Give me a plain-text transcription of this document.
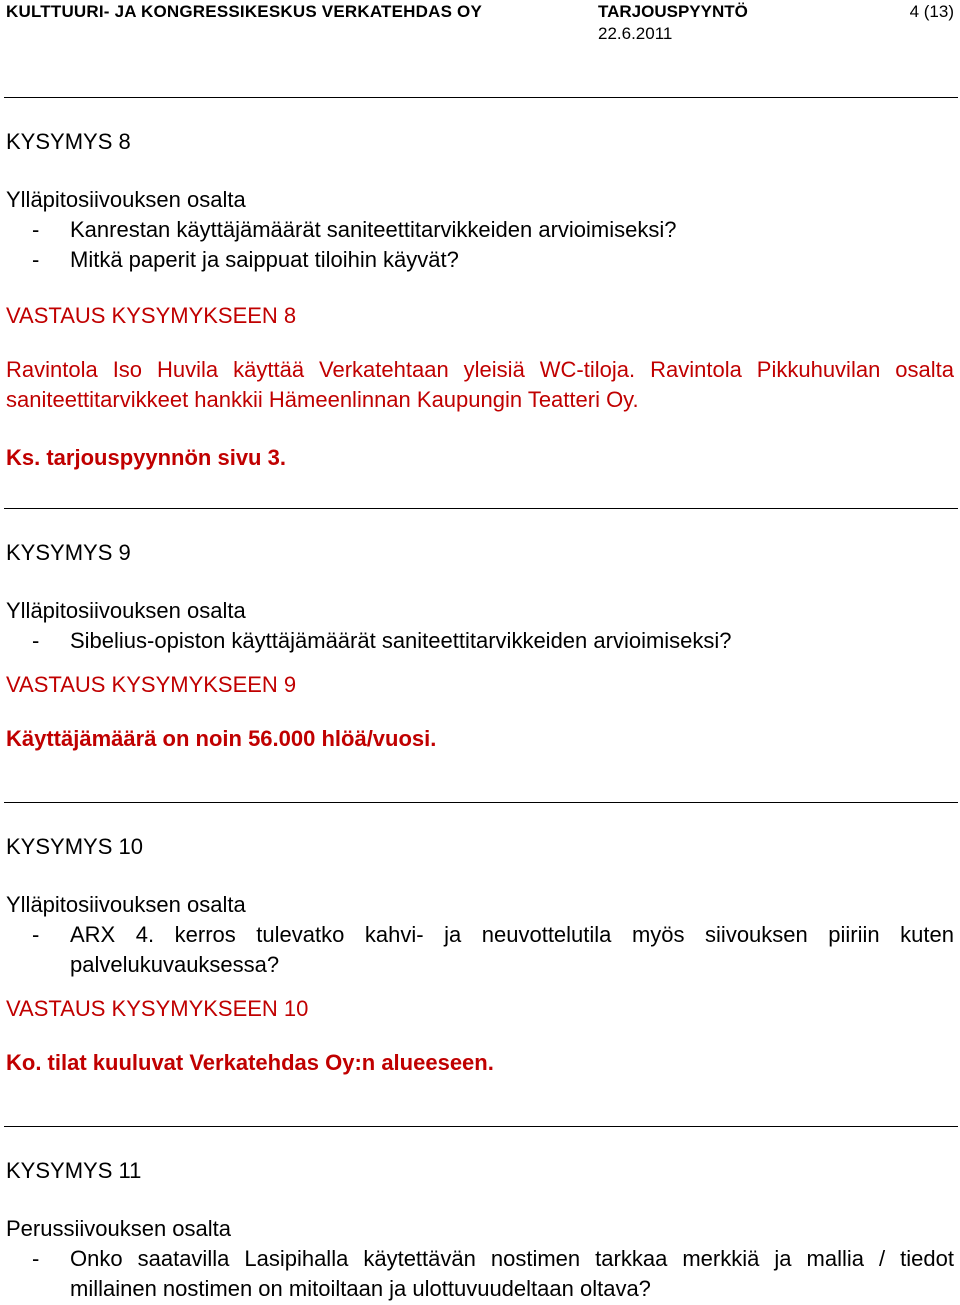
KULTTUURI- JA KONGRESSIKESKUS VERKATEHDAS OY	TARJOUSPYYNTÖ	4 (13)
22.6.2011

KYSYMYS 8

Ylläpitosiivouksen osalta

- Kanrestan käyttäjämäärät saniteettitarvikkeiden arvioimiseksi?
- Mitkä paperit ja saippuat tiloihin käyvät?

VASTAUS KYSYMYKSEEN 8

Ravintola Iso Huvila käyttää Verkatehtaan yleisiä WC-tiloja. Ravintola Pikkuhuvilan osalta saniteettitarvikkeet hankkii Hämeenlinnan Kaupungin Teatteri Oy.

Ks. tarjouspyynnön sivu 3.

KYSYMYS 9

Ylläpitosiivouksen osalta

- Sibelius-opiston käyttäjämäärät saniteettitarvikkeiden arvioimiseksi?

VASTAUS KYSYMYKSEEN 9

Käyttäjämäärä on noin 56.000 hlöä/vuosi.

KYSYMYS 10

Ylläpitosiivouksen osalta

- ARX 4. kerros tulevatko kahvi- ja neuvottelutila myös siivouksen piiriin kuten palvelukuvauksessa?

VASTAUS KYSYMYKSEEN 10

Ko. tilat kuuluvat Verkatehdas Oy:n alueeseen.

KYSYMYS 11

Perussiivouksen osalta

- Onko saatavilla Lasipihalla käytettävän nostimen tarkkaa merkkiä ja mallia / tiedot millainen nostimen on mitoiltaan ja ulottuvuudeltaan oltava?
